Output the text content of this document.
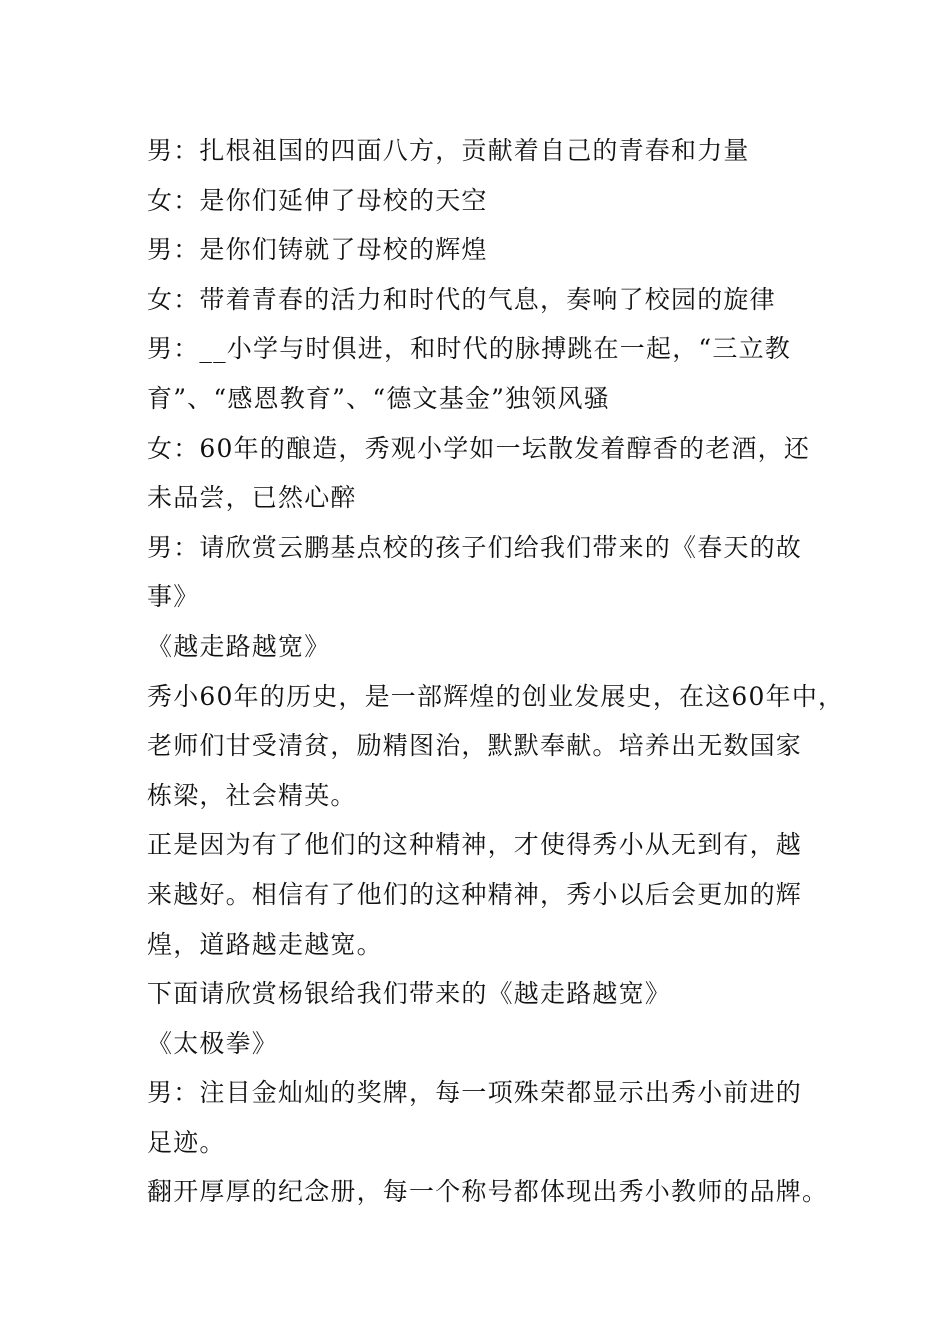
男：扎根祖国的四面八方，贡献着自己的青春和力量
女：是你们延伸了母校的天空
男：是你们铸就了母校的辉煌
女：带着青春的活力和时代的气息，奏响了校园的旋律
男：__小学与时俱进，和时代的脉搏跳在一起，“三立教
育”、“感恩教育”、“德文基金”独领风骚
女：60年的酿造，秀观小学如一坛散发着醇香的老酒，还
未品尝，已然心醉
男：请欣赏云鹏基点校的孩子们给我们带来的《春天的故
事》
《越走路越宽》
秀小60年的历史，是一部辉煌的创业发展史，在这60年中，
老师们甘受清贫，励精图治，默默奉献。培养出无数国家
栋梁，社会精英。
正是因为有了他们的这种精神，才使得秀小从无到有，越
来越好。相信有了他们的这种精神，秀小以后会更加的辉
煌，道路越走越宽。
下面请欣赏杨银给我们带来的《越走路越宽》
《太极拳》
男：注目金灿灿的奖牌，每一项殊荣都显示出秀小前进的
足迹。
翻开厚厚的纪念册，每一个称号都体现出秀小教师的品牌。
